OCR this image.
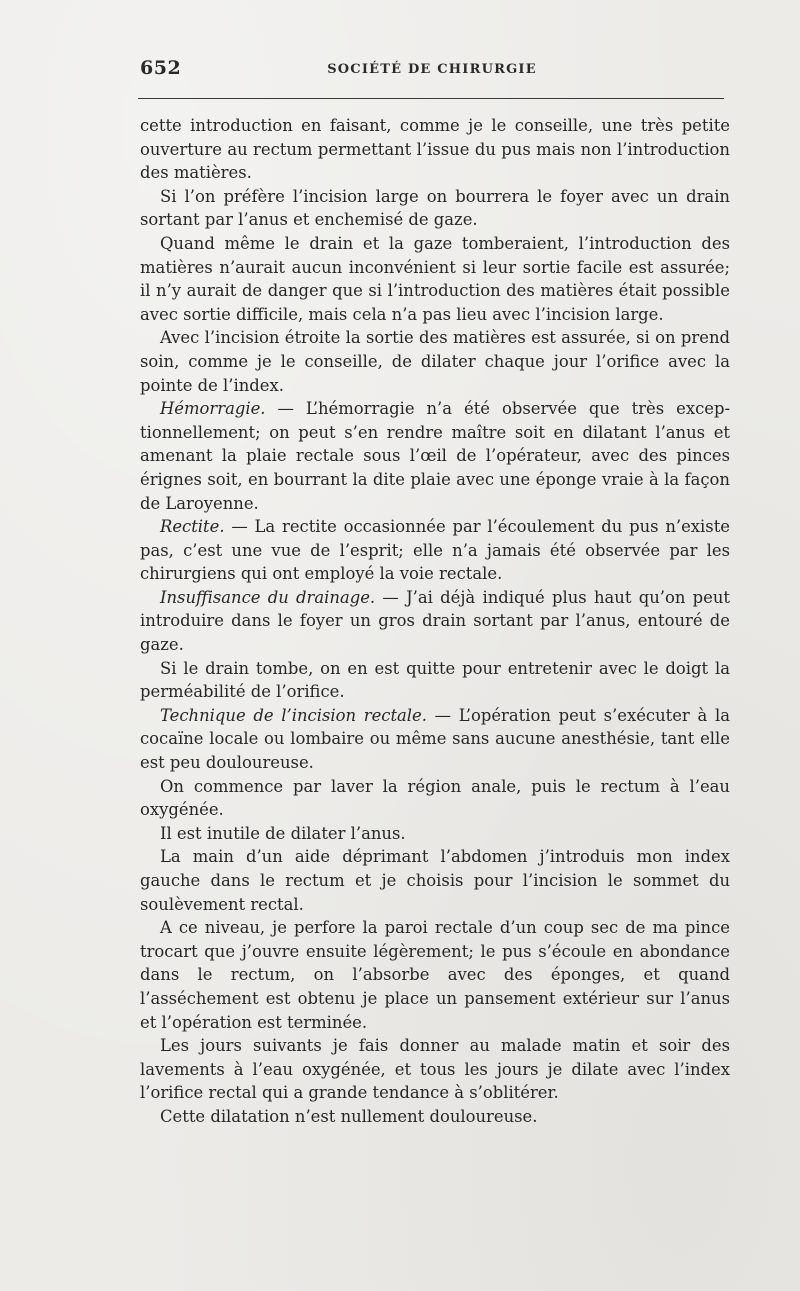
652	SOCIÉTÉ DE CHIRURGIE

cette introduction en faisant, comme je le conseille, une très petite ouverture au rectum permettant l’issue du pus mais non l’introduction des matières.

Si l’on préfère l’incision large on bourrera le foyer avec un drain sortant par l’anus et enchemisé de gaze.

Quand même le drain et la gaze tomberaient, l’introduction des matières n’aurait aucun inconvénient si leur sortie facile est assurée; il n’y aurait de danger que si l’introduction des matières était possible avec sortie difficile, mais cela n’a pas lieu avec l’incision large.

Avec l’incision étroite la sortie des matières est assurée, si on prend soin, comme je le conseille, de dilater chaque jour l’orifice avec la pointe de l’index.

Hémorragie. — L’hémorragie n’a été observée que très exceptionnellement; on peut s’en rendre maître soit en dilatant l’anus et amenant la plaie rectale sous l’œil de l’opérateur, avec des pinces érignes soit, en bourrant la dite plaie avec une éponge vraie à la façon de Laroyenne.

Rectite. — La rectite occasionnée par l’écoulement du pus n’existe pas, c’est une vue de l’esprit; elle n’a jamais été observée par les chirurgiens qui ont employé la voie rectale.

Insuffisance du drainage. — J’ai déjà indiqué plus haut qu’on peut introduire dans le foyer un gros drain sortant par l’anus, entouré de gaze.

Si le drain tombe, on en est quitte pour entretenir avec le doigt la perméabilité de l’orifice.

Technique de l’incision rectale. — L’opération peut s’exécuter à la cocaïne locale ou lombaire ou même sans aucune anesthésie, tant elle est peu douloureuse.

On commence par laver la région anale, puis le rectum à l’eau oxygénée.

Il est inutile de dilater l’anus.

La main d’un aide déprimant l’abdomen j’introduis mon index gauche dans le rectum et je choisis pour l’incision le sommet du soulèvement rectal.

A ce niveau, je perfore la paroi rectale d’un coup sec de ma pince trocart que j’ouvre ensuite légèrement; le pus s’écoule en abondance dans le rectum, on l’absorbe avec des éponges, et quand l’asséchement est obtenu je place un pansement extérieur sur l’anus et l’opération est terminée.

Les jours suivants je fais donner au malade matin et soir des lavements à l’eau oxygénée, et tous les jours je dilate avec l’index l’orifice rectal qui a grande tendance à s’oblitérer.

Cette dilatation n’est nullement douloureuse.
